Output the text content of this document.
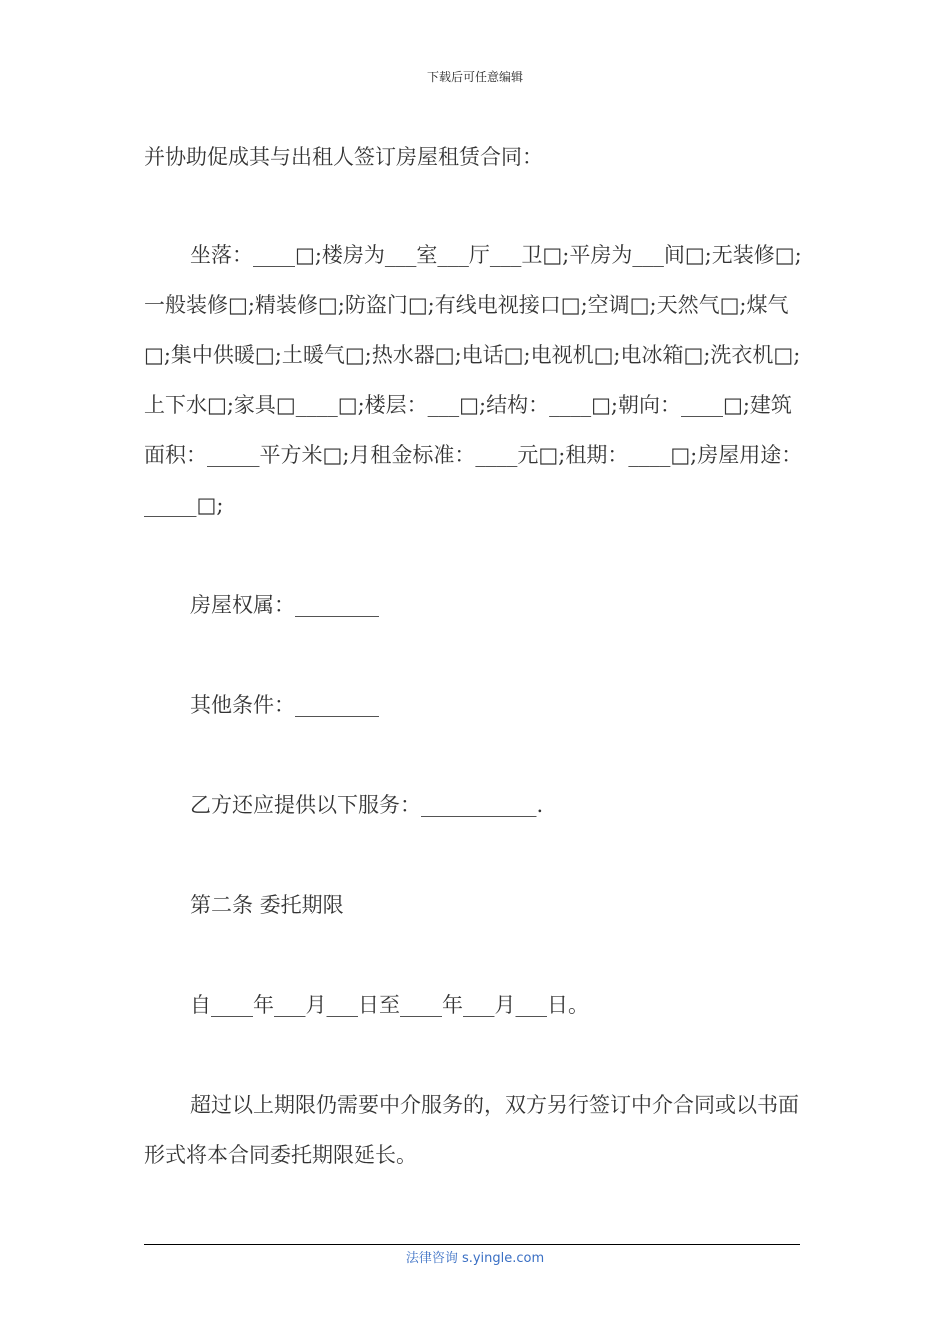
下载后可任意编辑

并协助促成其与出租人签订房屋租赁合同：

坐落：____□;楼房为___室___厅___卫□;平房为___间□;无装修□;一般装修□;精装修□;防盗门□;有线电视接口□;空调□;天然气□;煤气□;集中供暖□;土暖气□;热水器□;电话□;电视机□;电冰箱□;洗衣机□;上下水□;家具□____□;楼层：___□;结构：____□;朝向：____□;建筑面积：_____平方米□;月租金标准：____元□;租期：____□;房屋用途：_____□;

房屋权属：________

其他条件：________

乙方还应提供以下服务：___________.

第二条 委托期限

自____年___月___日至____年___月___日。

超过以上期限仍需要中介服务的，双方另行签订中介合同或以书面形式将本合同委托期限延长。

法律咨询 s.yingle.com
